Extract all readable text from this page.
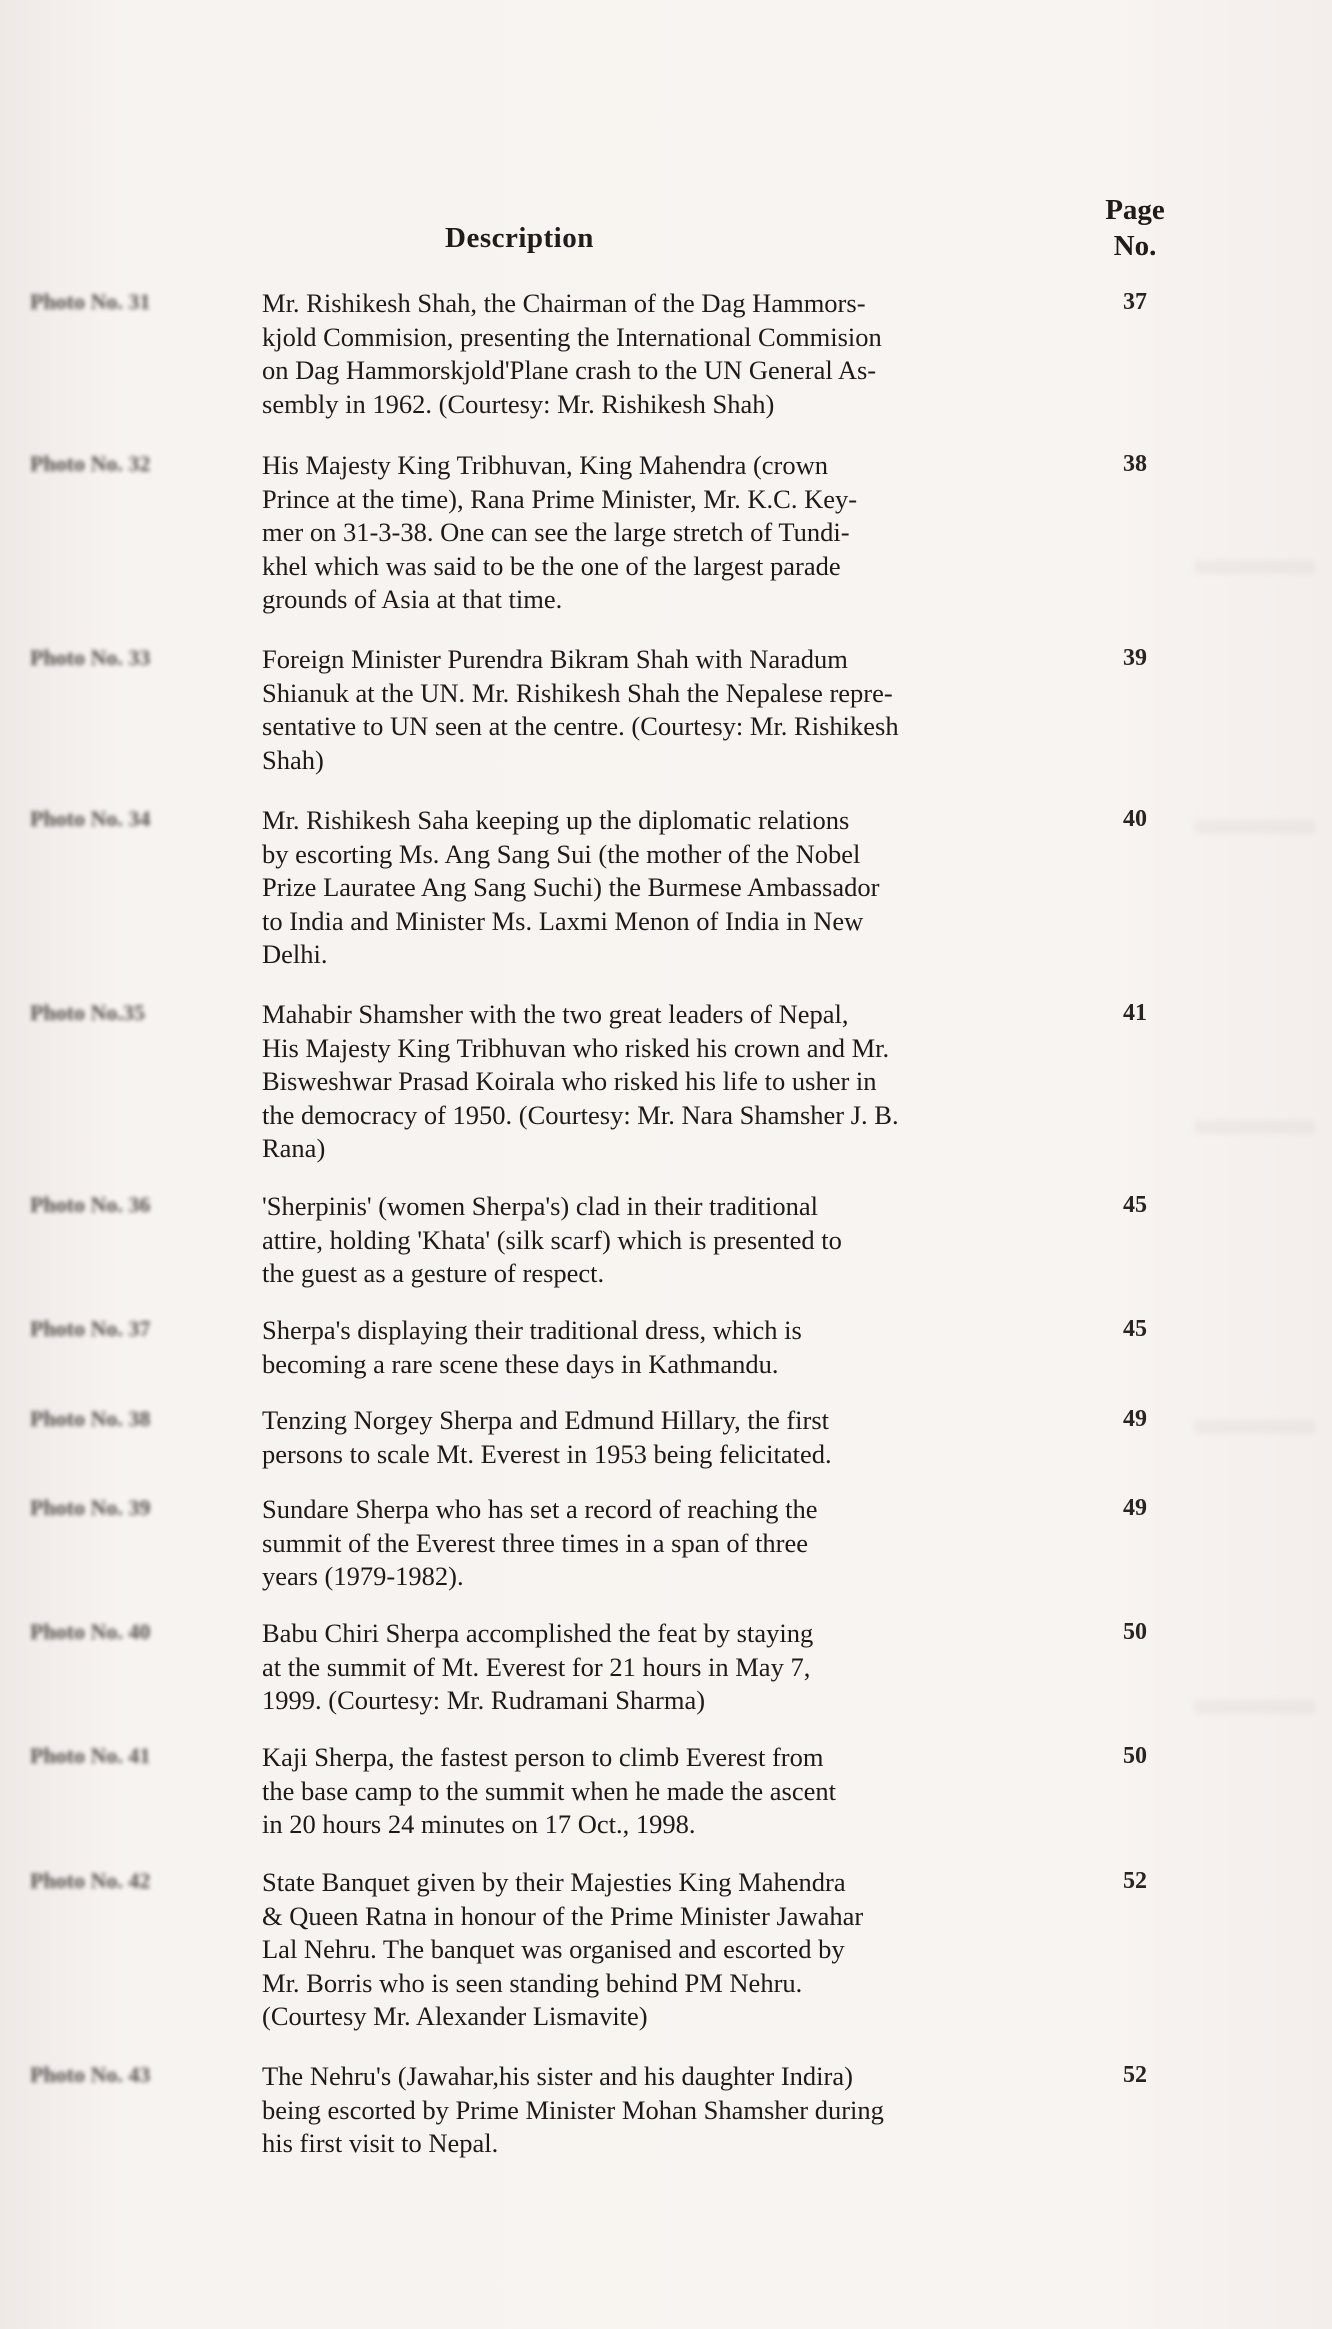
Description
Page
No.
Photo No. 31	Mr. Rishikesh Shah, the Chairman of the Dag Hammors-
kjold Commision, presenting the International Commision
on Dag Hammorskjold'Plane crash to the UN General As-
sembly in 1962. (Courtesy: Mr. Rishikesh Shah)
37
Photo No. 32	His Majesty King Tribhuvan, King Mahendra (crown
Prince at the time), Rana Prime Minister, Mr. K.C. Key-
mer on 31-3-38. One can see the large stretch of Tundi-
khel which was said to be the one of the largest parade
grounds of Asia at that time.
38
Photo No. 33	Foreign Minister Purendra Bikram Shah with Naradum
Shianuk at the UN. Mr. Rishikesh Shah the Nepalese repre-
sentative to UN seen at the centre. (Courtesy: Mr. Rishikesh
Shah)
39
Photo No. 34	Mr. Rishikesh Saha keeping up the diplomatic relations
by escorting Ms. Ang Sang Sui (the mother of the Nobel
Prize Lauratee Ang Sang Suchi) the Burmese Ambassador
to India and Minister Ms. Laxmi Menon of India in New
Delhi.
40
Photo No.35	Mahabir Shamsher with the two great leaders of Nepal,
His Majesty King Tribhuvan who risked his crown and Mr.
Bisweshwar Prasad Koirala who risked his life to usher in
the democracy of 1950. (Courtesy: Mr. Nara Shamsher J. B.
Rana)
41
Photo No. 36	'Sherpinis' (women Sherpa's) clad in their traditional
attire, holding 'Khata' (silk scarf) which is presented to
the guest as a gesture of respect.
45
Photo No. 37	Sherpa's displaying their traditional dress, which is
becoming a rare scene these days in Kathmandu.
45
Photo No. 38	Tenzing Norgey Sherpa and Edmund Hillary, the first
persons to scale Mt. Everest in 1953 being felicitated.
49
Photo No. 39	Sundare Sherpa who has set a record of reaching the
summit of the Everest three times in a span of three
years (1979-1982).
49
Photo No. 40	Babu Chiri Sherpa accomplished the feat by staying
at the summit of Mt. Everest for 21 hours in May 7,
1999. (Courtesy: Mr. Rudramani Sharma)
50
Photo No. 41	Kaji Sherpa, the fastest person to climb Everest from
the base camp to the summit when he made the ascent
in 20 hours 24 minutes on 17 Oct., 1998.
50
Photo No. 42	State Banquet given by their Majesties King Mahendra
& Queen Ratna in honour of the Prime Minister Jawahar
Lal Nehru. The banquet was organised and escorted by
Mr. Borris who is seen standing behind PM Nehru.
(Courtesy Mr. Alexander Lismavite)
52
Photo No. 43	The Nehru's (Jawahar,his sister and his daughter Indira)
being escorted by Prime Minister Mohan Shamsher during
his first visit to Nepal.
52
